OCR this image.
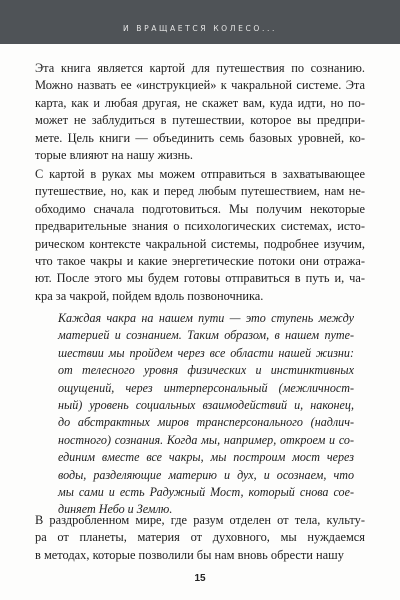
И ВРАЩАЕТСЯ КОЛЕСО...
Эта книга является картой для путешествия по сознанию.
Можно назвать ее «инструкцией» к чакральной системе. Эта
карта, как и любая другая, не скажет вам, куда идти, но по-
может не заблудиться в путешествии, которое вы предпри-
мете. Цель книги — объединить семь базовых уровней, ко-
торые влияют на нашу жизнь.
С картой в руках мы можем отправиться в захватывающее
путешествие, но, как и перед любым путешествием, нам не-
обходимо сначала подготовиться. Мы получим некоторые
предварительные знания о психологических системах, исто-
рическом контексте чакральной системы, подробнее изучим,
что такое чакры и какие энергетические потоки они отража-
ют. После этого мы будем готовы отправиться в путь и, ча-
кра за чакрой, пойдем вдоль позвоночника.
Каждая чакра на нашем пути — это ступень между
материей и сознанием. Таким образом, в нашем путе-
шествии мы пройдем через все области нашей жизни:
от телесного уровня физических и инстинктивных
ощущений, через интерперсональный (межличност-
ный) уровень социальных взаимодействий и, наконец,
до абстрактных миров трансперсонального (надлич-
ностного) сознания. Когда мы, например, откроем и со-
единим вместе все чакры, мы построим мост через
воды, разделяющие материю и дух, и осознаем, что
мы сами и есть Радужный Мост, который снова сое-
диняет Небо и Землю.
В раздробленном мире, где разум отделен от тела, культу-
ра от планеты, материя от духовного, мы нуждаемся
в методах, которые позволили бы нам вновь обрести нашу
15
